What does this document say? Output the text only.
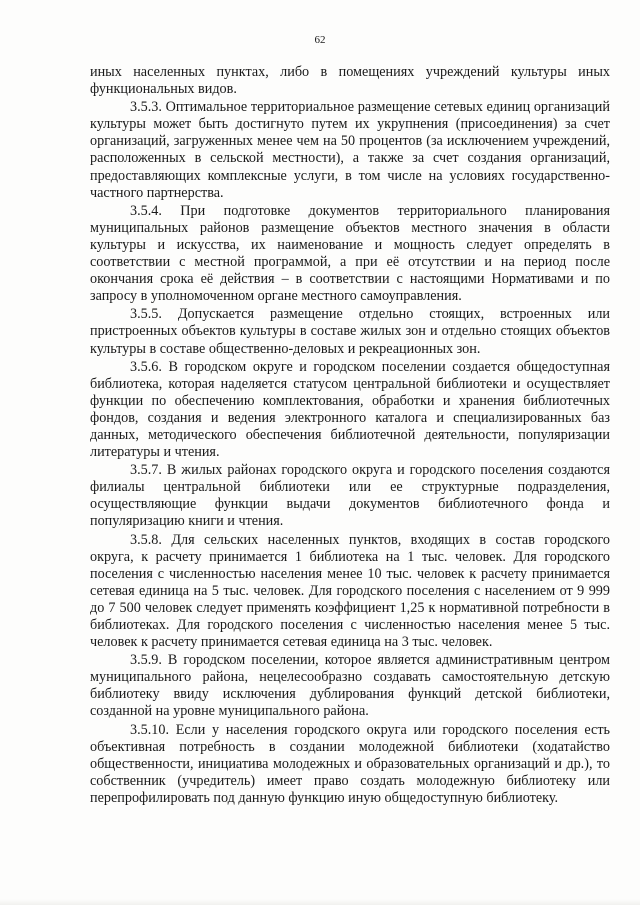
62

иных населенных пунктах, либо в помещениях учреждений культуры иных функциональных видов.

3.5.3. Оптимальное территориальное размещение сетевых единиц организаций культуры может быть достигнуто путем их укрупнения (присоединения) за счет организаций, загруженных менее чем на 50 процентов (за исключением учреждений, расположенных в сельской местности), а также за счет создания организаций, предоставляющих комплексные услуги, в том числе на условиях государственно-частного партнерства.

3.5.4. При подготовке документов территориального планирования муниципальных районов размещение объектов местного значения в области культуры и искусства, их наименование и мощность следует определять в соответствии с местной программой, а при её отсутствии и на период после окончания срока её действия – в соответствии с настоящими Нормативами и по запросу в уполномоченном органе местного самоуправления.

3.5.5. Допускается размещение отдельно стоящих, встроенных или пристроенных объектов культуры в составе жилых зон и отдельно стоящих объектов культуры в составе общественно-деловых и рекреационных зон.

3.5.6. В городском округе и городском поселении создается общедоступная библиотека, которая наделяется статусом центральной библиотеки и осуществляет функции по обеспечению комплектования, обработки и хранения библиотечных фондов, создания и ведения электронного каталога и специализированных баз данных, методического обеспечения библиотечной деятельности, популяризации литературы и чтения.

3.5.7. В жилых районах городского округа и городского поселения создаются филиалы центральной библиотеки или ее структурные подразделения, осуществляющие функции выдачи документов библиотечного фонда и популяризацию книги и чтения.

3.5.8. Для сельских населенных пунктов, входящих в состав городского округа, к расчету принимается 1 библиотека на 1 тыс. человек. Для городского поселения с численностью населения менее 10 тыс. человек к расчету принимается сетевая единица на 5 тыс. человек. Для городского поселения с населением от 9 999 до 7 500 человек следует применять коэффициент 1,25 к нормативной потребности в библиотеках. Для городского поселения с численностью населения менее 5 тыс. человек к расчету принимается сетевая единица на 3 тыс. человек.

3.5.9. В городском поселении, которое является административным центром муниципального района, нецелесообразно создавать самостоятельную детскую библиотеку ввиду исключения дублирования функций детской библиотеки, созданной на уровне муниципального района.

3.5.10. Если у населения городского округа или городского поселения есть объективная потребность в создании молодежной библиотеки (ходатайство общественности, инициатива молодежных и образовательных организаций и др.), то собственник (учредитель) имеет право создать молодежную библиотеку или перепрофилировать под данную функцию иную общедоступную библиотеку.
